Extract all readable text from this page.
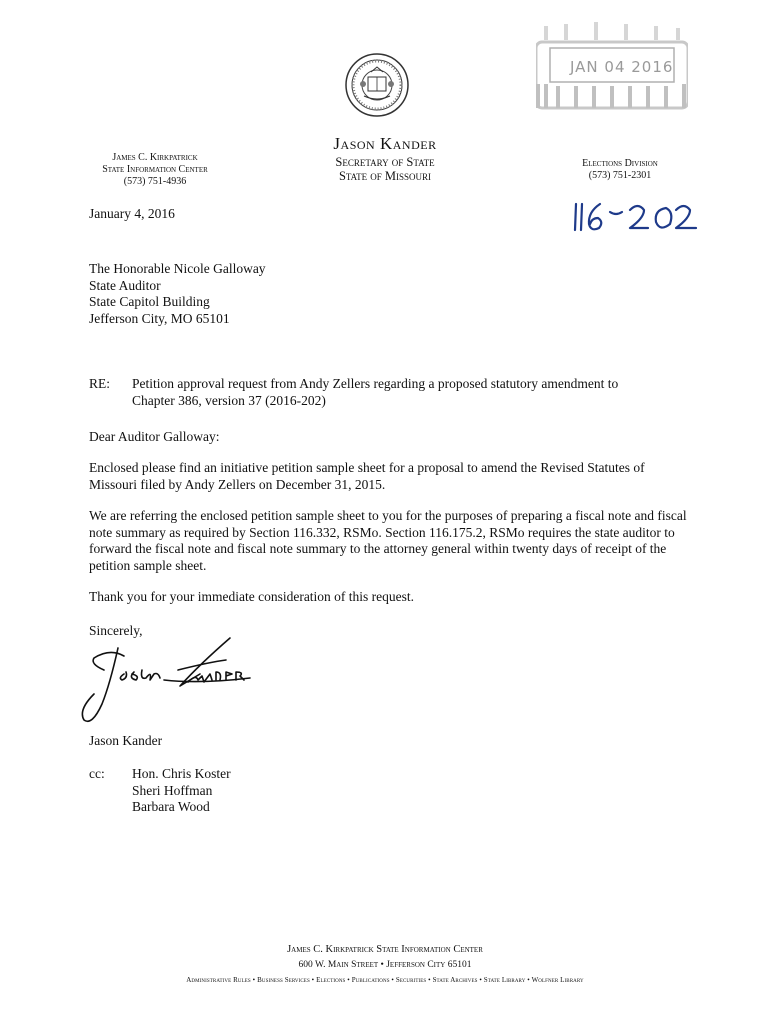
JAN 04 2016
Jason Kander
Secretary of State
State of Missouri
James C. Kirkpatrick
State Information Center
(573) 751-4936
Elections Division
(573) 751-2301
January 4, 2016
The Honorable Nicole Galloway
State Auditor
State Capitol Building
Jefferson City, MO 65101
RE: Petition approval request from Andy Zellers regarding a proposed statutory amendment to Chapter 386, version 37 (2016-202)
Dear Auditor Galloway:
Enclosed please find an initiative petition sample sheet for a proposal to amend the Revised Statutes of Missouri filed by Andy Zellers on December 31, 2015.
We are referring the enclosed petition sample sheet to you for the purposes of preparing a fiscal note and fiscal note summary as required by Section 116.332, RSMo. Section 116.175.2, RSMo requires the state auditor to forward the fiscal note and fiscal note summary to the attorney general within twenty days of receipt of the petition sample sheet.
Thank you for your immediate consideration of this request.
Sincerely,
Jason Kander
cc: Hon. Chris Koster
Sheri Hoffman
Barbara Wood
James C. Kirkpatrick State Information Center
600 W. Main Street • Jefferson City 65101
Administrative Rules • Business Services • Elections • Publications • Securities • State Archives • State Library • Wolfner Library
